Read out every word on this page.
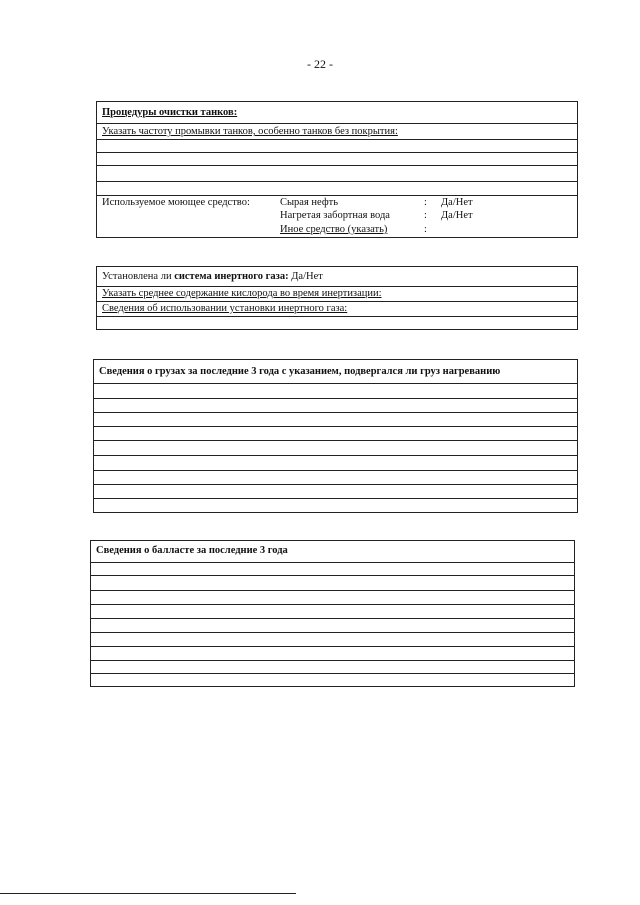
- 22 -
Процедуры очистки танков:
Указать частоту промывки танков, особенно танков без покрытия:
Используемое моющее средство:	Сырая нефть	: Да/Нет
Нагретая забортная вода	: Да/Нет
Иное средство (указать)	:
Установлена ли система инертного газа: Да/Нет
Указать среднее содержание кислорода во время инертизации:
Сведения об использовании установки инертного газа:
Сведения о грузах за последние 3 года с указанием, подвергался ли груз нагреванию
Сведения о балласте за последние 3 года
